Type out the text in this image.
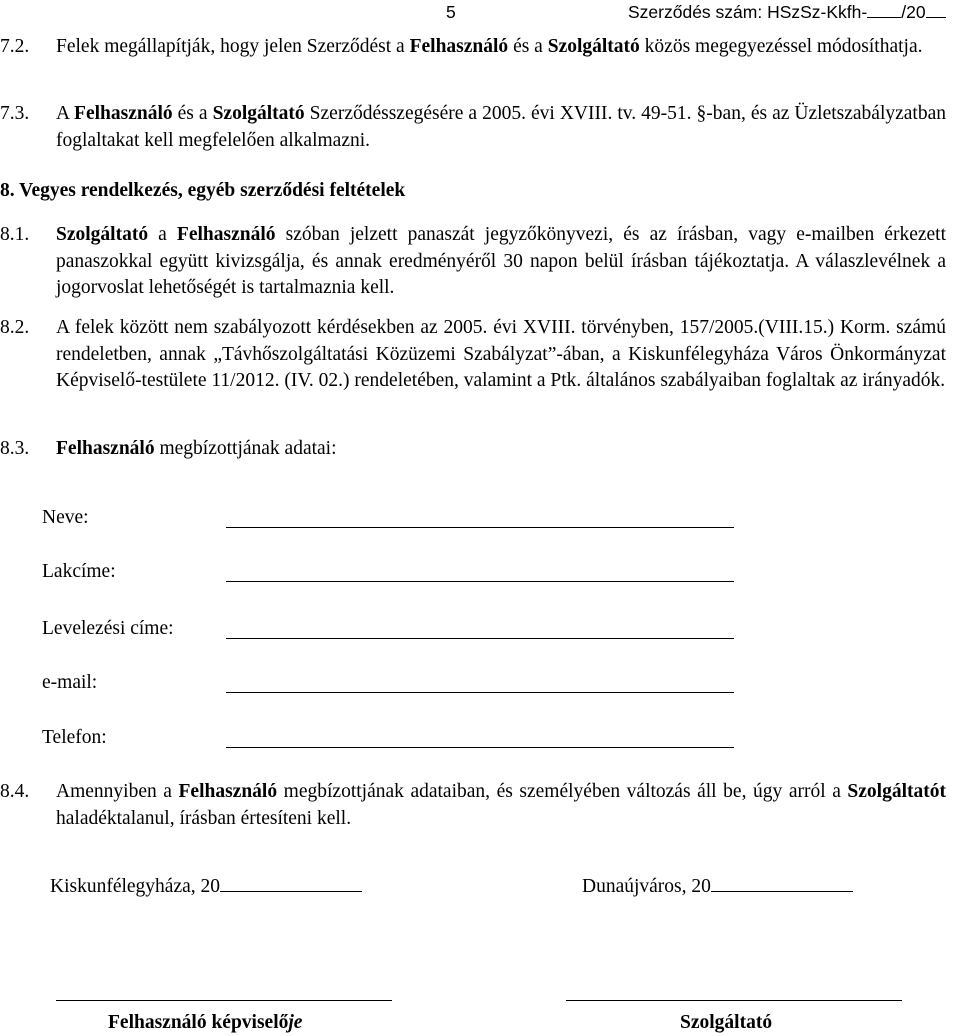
5	Szerződés szám: HSzSz-Kkfh- /20
7.2.	Felek megállapítják, hogy jelen Szerződést a Felhasználó és a Szolgáltató közös megegyezéssel módosíthatja.
7.3.	A Felhasználó és a Szolgáltató Szerződésszegésére a 2005. évi XVIII. tv. 49-51. §-ban, és az Üzletszabályzatban foglaltakat kell megfelelően alkalmazni.
8. Vegyes rendelkezés, egyéb szerződési feltételek
8.1.	Szolgáltató a Felhasználó szóban jelzett panaszát jegyzőkönyvezi, és az írásban, vagy e-mailben érkezett panaszokkal együtt kivizsgálja, és annak eredményéről 30 napon belül írásban tájékoztatja. A válaszlevélnek a jogorvoslat lehetőségét is tartalmaznia kell.
8.2.	A felek között nem szabályozott kérdésekben az 2005. évi XVIII. törvényben, 157/2005.(VIII.15.) Korm. számú rendeletben, annak „Távhőszolgáltatási Közüzemi Szabályzat”-ában, a Kiskunfélegyháza Város Önkormányzat Képviselő-testülete 11/2012. (IV. 02.) rendeletében, valamint a Ptk. általános szabályaiban foglaltak az irányadók.
8.3.	Felhasználó megbízottjának adatai:
Neve:
Lakcíme:
Levelezési címe:
e-mail:
Telefon:
8.4.	Amennyiben a Felhasználó megbízottjának adataiban, és személyében változás áll be, úgy arról a Szolgáltatót haladéktalanul, írásban értesíteni kell.
Kiskunfélegyháza, 20	Dunaújváros, 20
Felhasználó képviselője	Szolgáltató
